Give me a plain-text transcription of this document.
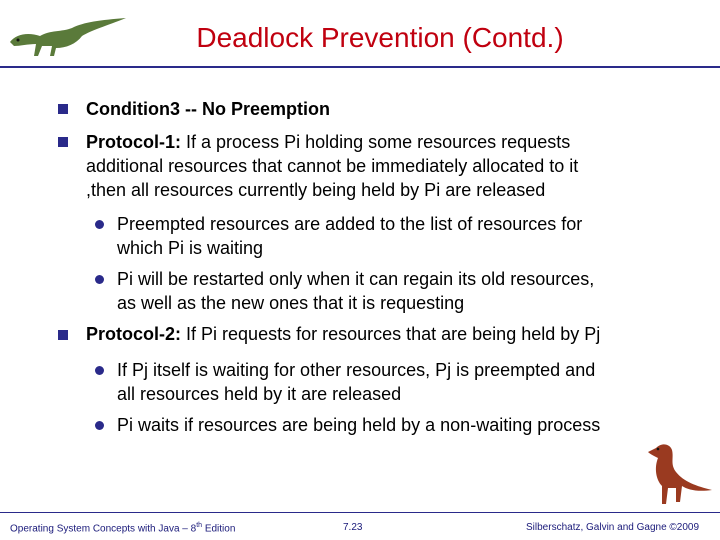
Deadlock Prevention (Contd.)
Condition3 -- No Preemption
Protocol-1: If a process Pi holding some resources requests
additional resources that cannot be immediately allocated to it
,then all resources currently being held by Pi are released
Preempted resources are added to the list of resources for
which Pi is waiting
Pi will be restarted only when it can regain its old resources,
as well as the new ones that it is requesting
Protocol-2: If Pi requests for resources that are being held by Pj
If Pj itself is waiting for other resources, Pj is preempted and
all resources held by it are released
Pi waits if resources are being held by a non-waiting process
Operating System Concepts with Java – 8th Edition	7.23	Silberschatz, Galvin and Gagne ©2009
